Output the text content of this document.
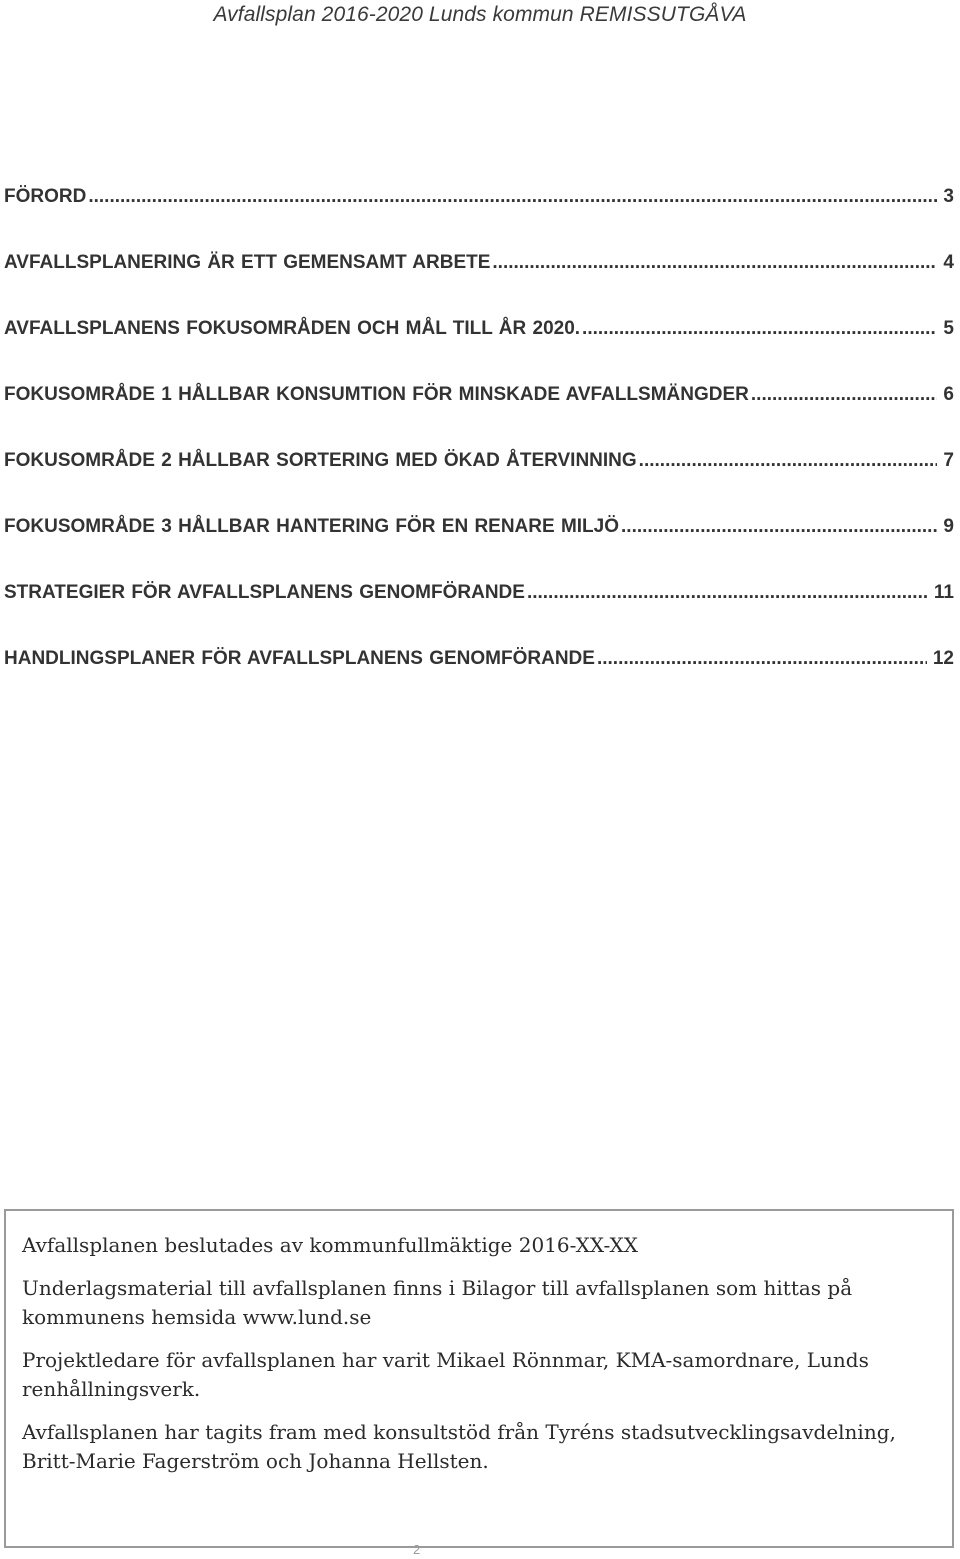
Avfallsplan 2016-2020 Lunds kommun REMISSUTGÅVA
FÖRORD .....	3
AVFALLSPLANERING ÄR ETT GEMENSAMT ARBETE .....	4
AVFALLSPLANENS FOKUSOMRÅDEN OCH MÅL TILL ÅR 2020. .....	5
FOKUSOMRÅDE 1 HÅLLBAR KONSUMTION FÖR MINSKADE AVFALLSMÄNGDER .....	6
FOKUSOMRÅDE 2 HÅLLBAR SORTERING MED ÖKAD ÅTERVINNING .....	7
FOKUSOMRÅDE 3 HÅLLBAR HANTERING FÖR EN RENARE MILJÖ .....	9
STRATEGIER FÖR AVFALLSPLANENS GENOMFÖRANDE .....	11
HANDLINGSPLANER FÖR AVFALLSPLANENS GENOMFÖRANDE .....	12

Avfallsplanen beslutades av kommunfullmäktige 2016-XX-XX

Underlagsmaterial till avfallsplanen finns i Bilagor till avfallsplanen som hittas på kommunens hemsida www.lund.se

Projektledare för avfallsplanen har varit Mikael Rönnmar, KMA-samordnare, Lunds renhållningsverk.

Avfallsplanen har tagits fram med konsultstöd från Tyréns stadsutvecklingsavdelning, Britt-Marie Fagerström och Johanna Hellsten.

2
